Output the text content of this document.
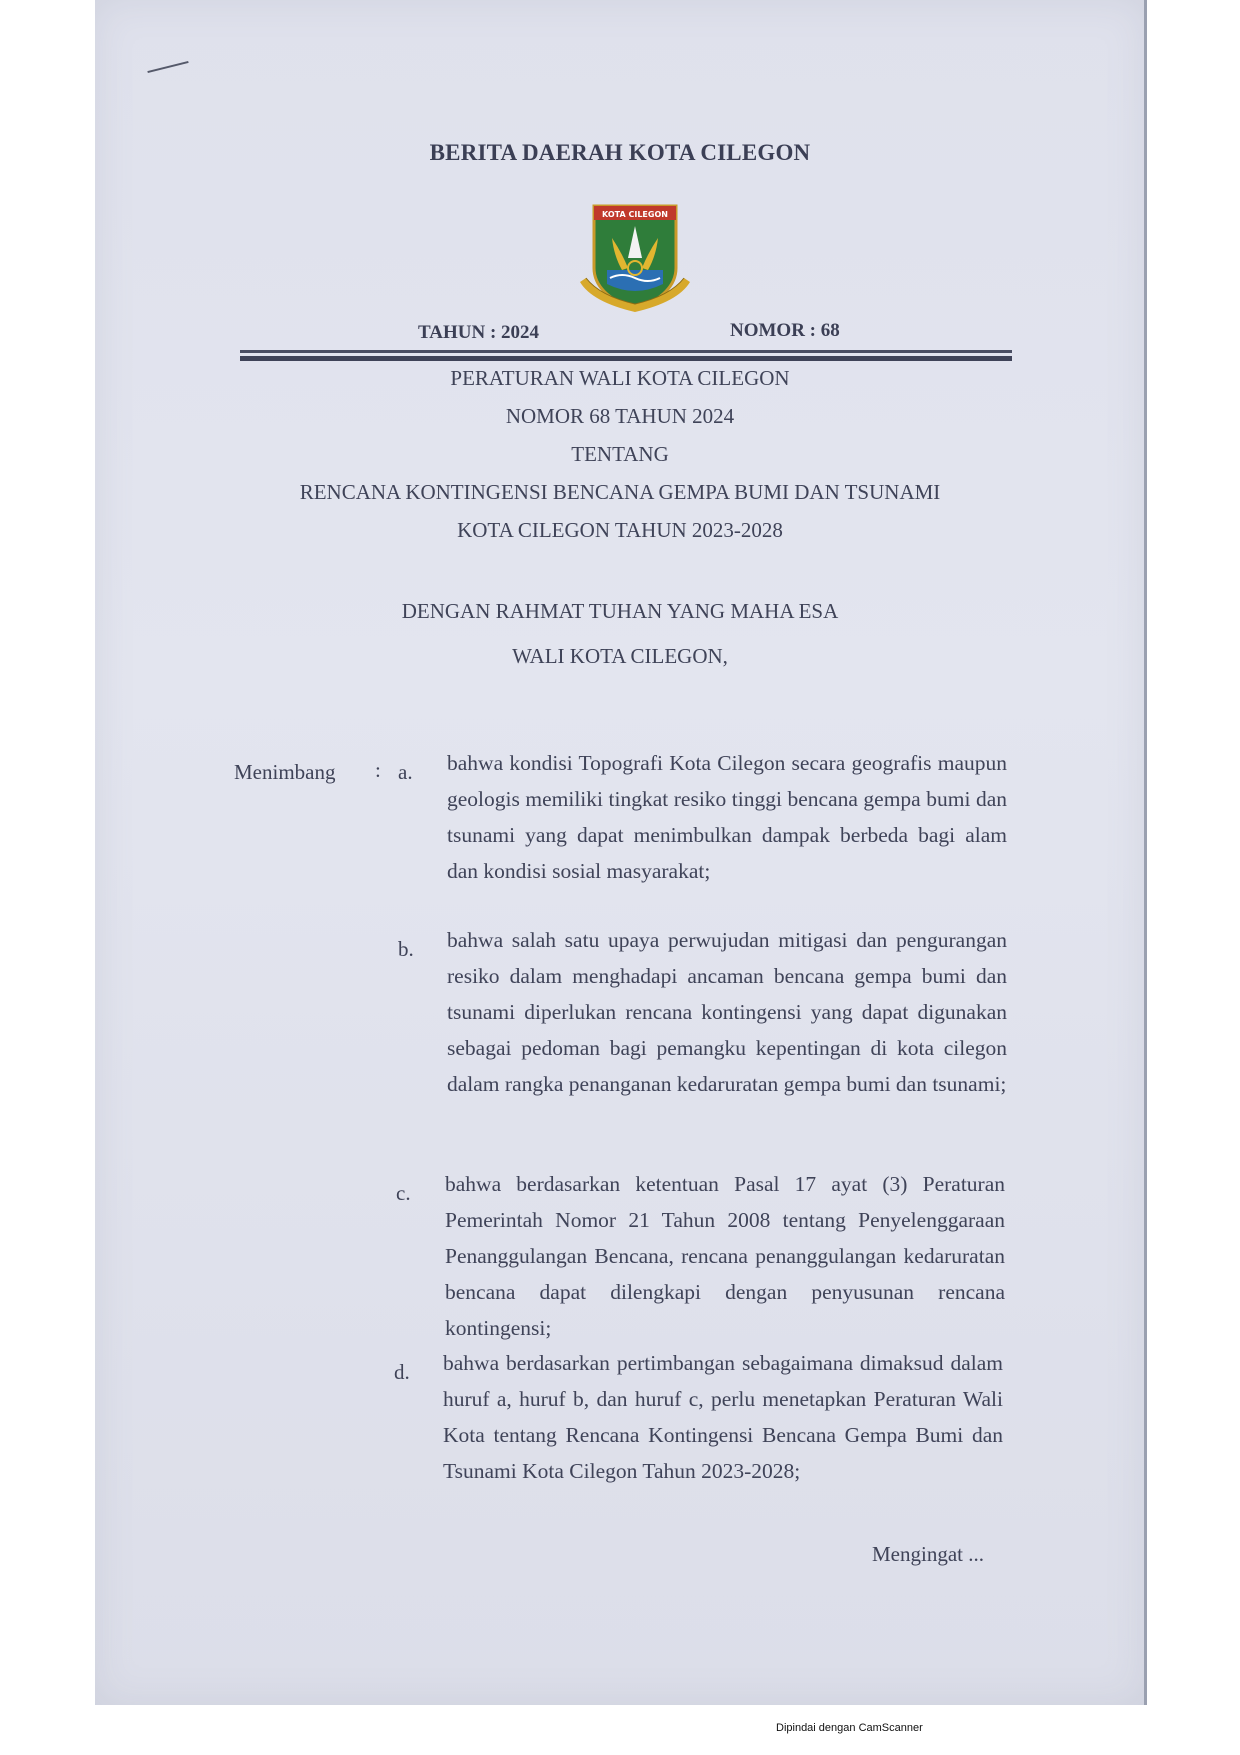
BERITA DAERAH KOTA CILEGON
KOTA CILEGON
TAHUN : 2024	NOMOR : 68
PERATURAN WALI KOTA CILEGON
NOMOR 68 TAHUN 2024
TENTANG
RENCANA KONTINGENSI BENCANA GEMPA BUMI DAN TSUNAMI
KOTA CILEGON TAHUN 2023-2028
DENGAN RAHMAT TUHAN YANG MAHA ESA
WALI KOTA CILEGON,
Menimbang : a. bahwa kondisi Topografi Kota Cilegon secara geografis maupun geologis memiliki tingkat resiko tinggi bencana gempa bumi dan tsunami yang dapat menimbulkan dampak berbeda bagi alam dan kondisi sosial masyarakat;

b. bahwa salah satu upaya perwujudan mitigasi dan pengurangan resiko dalam menghadapi ancaman bencana gempa bumi dan tsunami diperlukan rencana kontingensi yang dapat digunakan sebagai pedoman bagi pemangku kepentingan di kota cilegon dalam rangka penanganan kedaruratan gempa bumi dan tsunami;

c. bahwa berdasarkan ketentuan Pasal 17 ayat (3) Peraturan Pemerintah Nomor 21 Tahun 2008 tentang Penyelenggaraan Penanggulangan Bencana, rencana penanggulangan kedaruratan bencana dapat dilengkapi dengan penyusunan rencana kontingensi;

d. bahwa berdasarkan pertimbangan sebagaimana dimaksud dalam huruf a, huruf b, dan huruf c, perlu menetapkan Peraturan Wali Kota tentang Rencana Kontingensi Bencana Gempa Bumi dan Tsunami Kota Cilegon Tahun 2023-2028;

Mengingat ...
Dipindai dengan CamScanner
